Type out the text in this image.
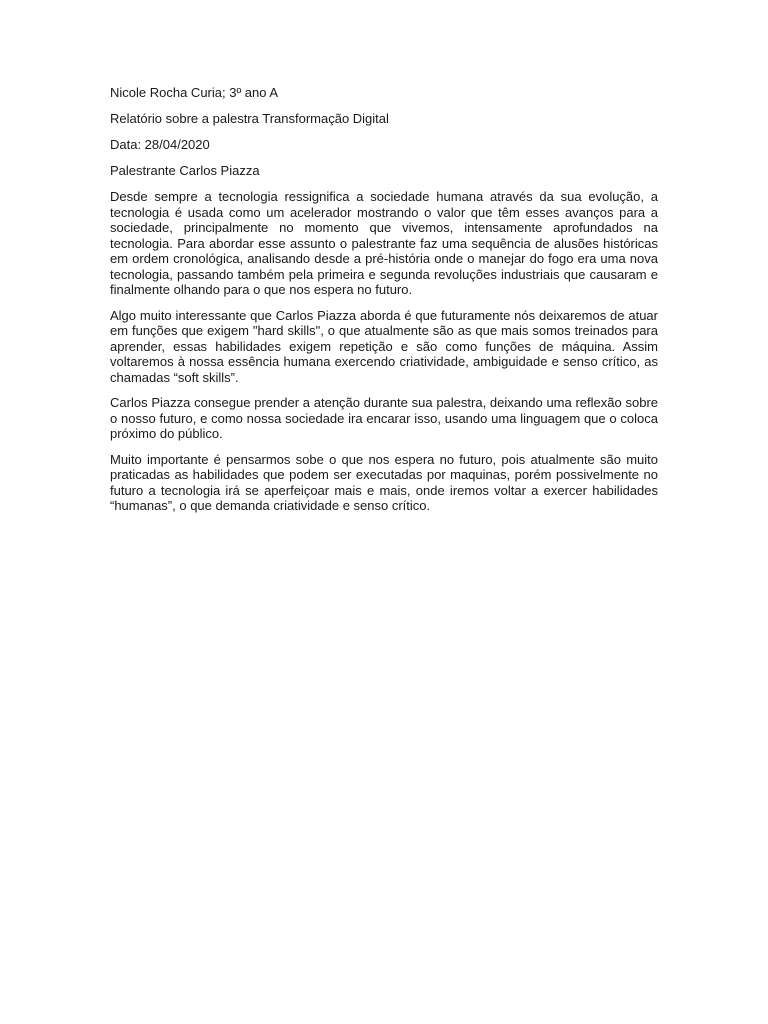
Nicole Rocha Curia; 3º ano A

Relatório sobre a palestra Transformação Digital

Data: 28/04/2020

Palestrante Carlos Piazza

Desde sempre a tecnologia ressignifica a sociedade humana através da sua evolução, a tecnologia é usada como um acelerador mostrando o valor que têm esses avanços para a sociedade, principalmente no momento que vivemos, intensamente aprofundados na tecnologia. Para abordar esse assunto o palestrante faz uma sequência de alusões históricas em ordem cronológica, analisando desde a pré-história onde o manejar do fogo era uma nova tecnologia, passando também pela primeira e segunda revoluções industriais que causaram e finalmente olhando para o que nos espera no futuro.

Algo muito interessante que Carlos Piazza aborda é que futuramente nós deixaremos de atuar em funções que exigem "hard skills", o que atualmente são as que mais somos treinados para aprender, essas habilidades exigem repetição e são como funções de máquina. Assim voltaremos à nossa essência humana exercendo criatividade, ambiguidade e senso crítico, as chamadas “soft skills”.

Carlos Piazza consegue prender a atenção durante sua palestra, deixando uma reflexão sobre o nosso futuro, e como nossa sociedade ira encarar isso, usando uma linguagem que o coloca próximo do público.

Muito importante é pensarmos sobe o que nos espera no futuro, pois atualmente são muito praticadas as habilidades que podem ser executadas por maquinas, porém possivelmente no futuro a tecnologia irá se aperfeiçoar mais e mais, onde iremos voltar a exercer habilidades “humanas”, o que demanda criatividade e senso crítico.
